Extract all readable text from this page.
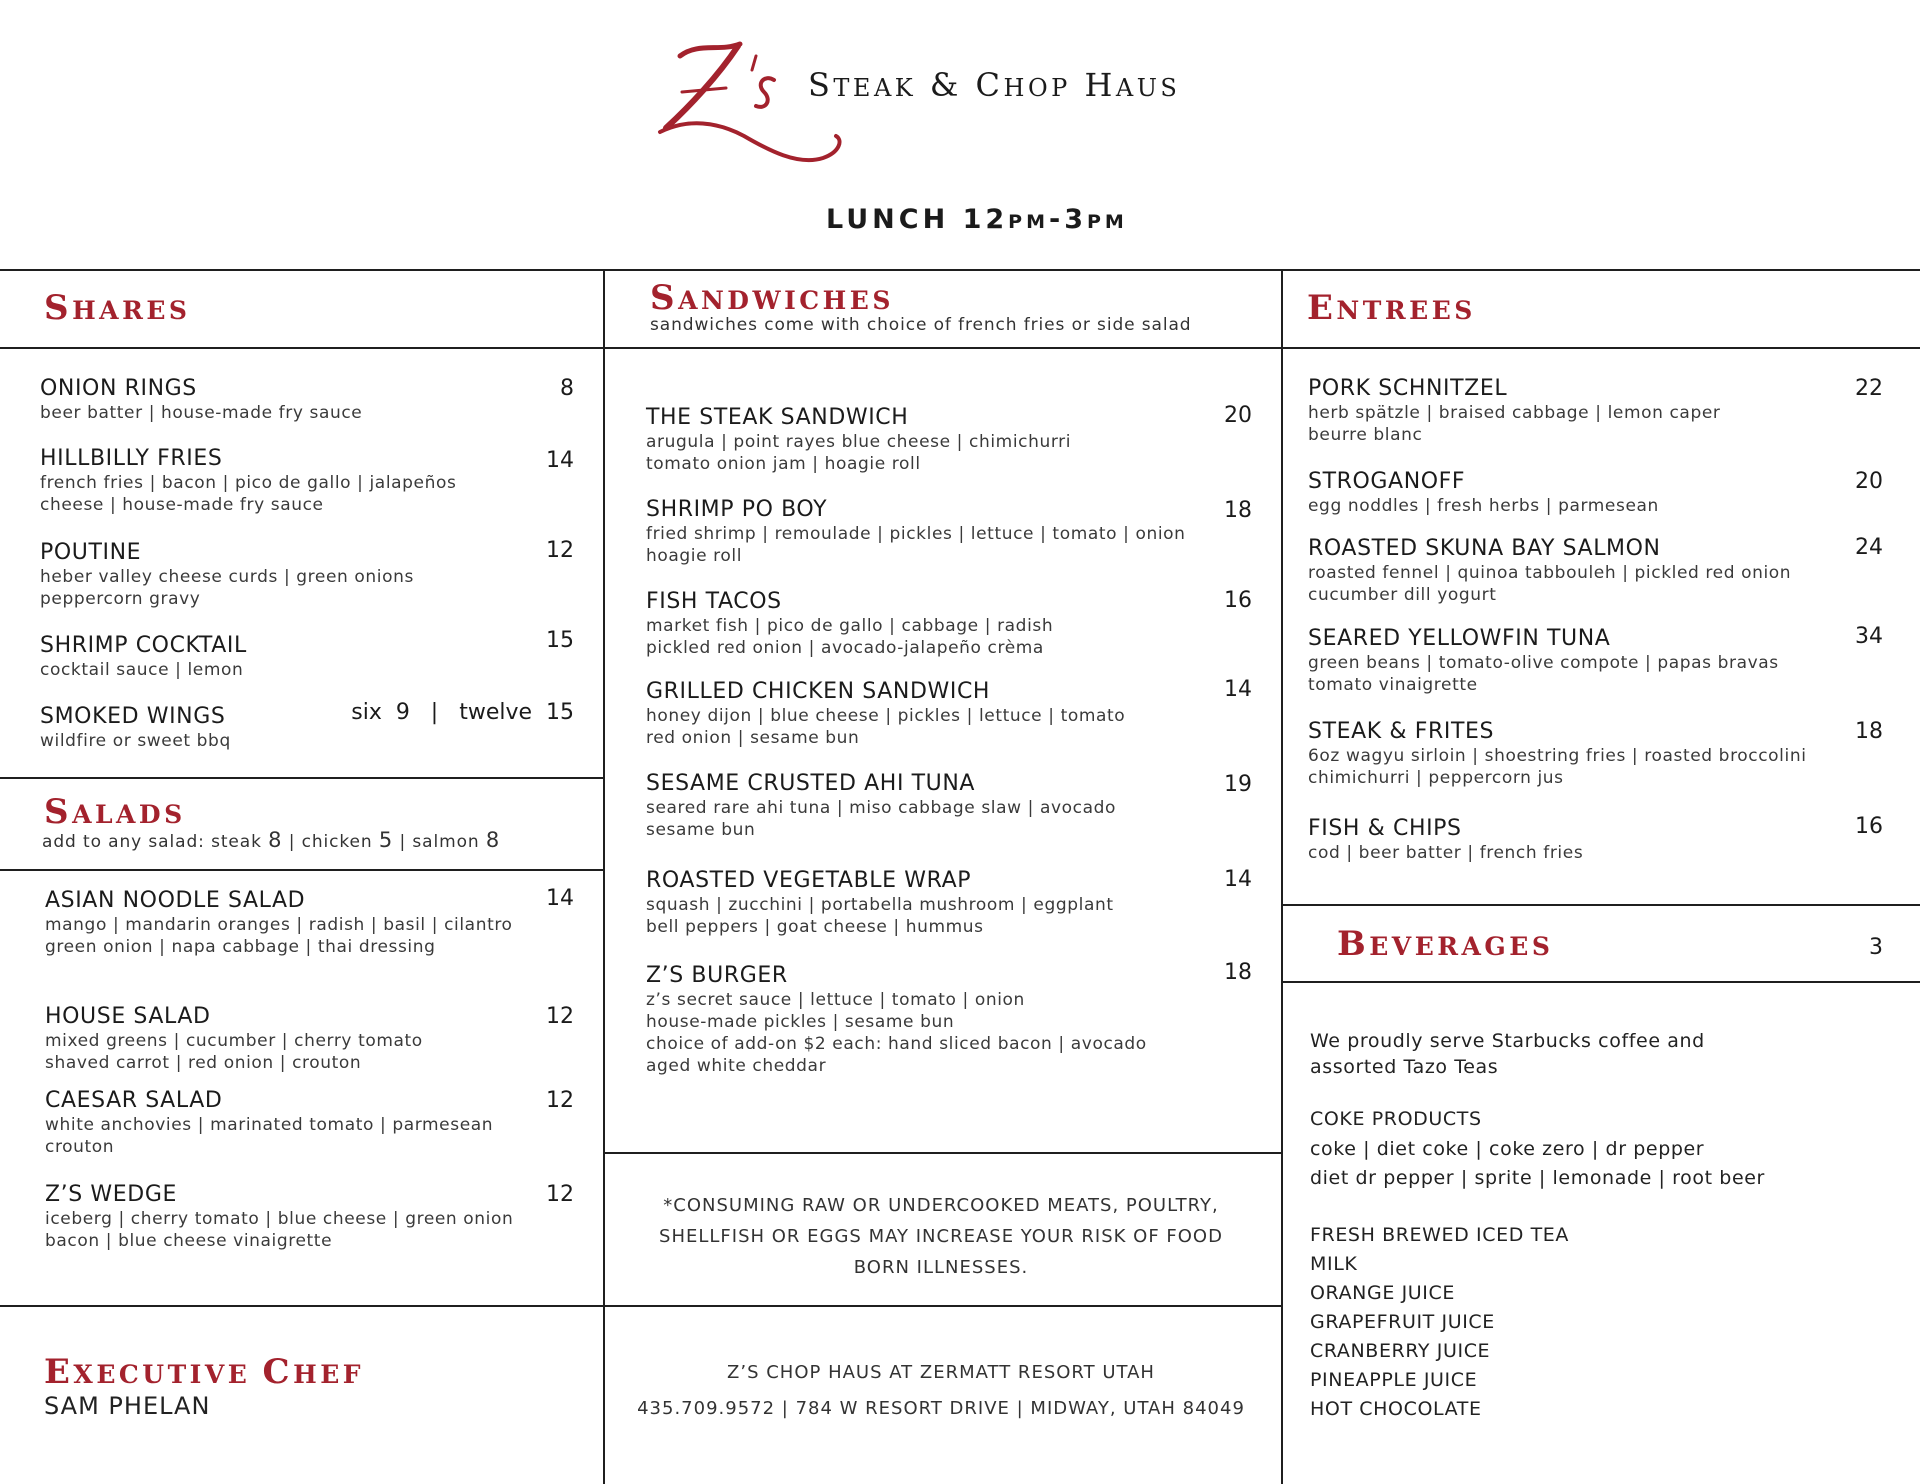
STEAK & CHOP HAUS
LUNCH 12PM-3PM
SHARES
ONION RINGS
beer batter | house-made fry sauce
8
HILLBILLY FRIES
french fries | bacon | pico de gallo | jalapeños
cheese | house-made fry sauce
14
POUTINE
heber valley cheese curds | green onions
peppercorn gravy
12
SHRIMP COCKTAIL
cocktail sauce | lemon
15
SMOKED WINGS
wildfire or sweet bbq
six  9   |   twelve  15
SALADS
add to any salad: steak 8 | chicken 5 | salmon 8
ASIAN NOODLE SALAD
mango | mandarin oranges | radish | basil | cilantro
green onion | napa cabbage | thai dressing
14
HOUSE SALAD
mixed greens | cucumber | cherry tomato
shaved carrot | red onion | crouton
12
CAESAR SALAD
white anchovies | marinated tomato | parmesean
crouton
12
Z’S WEDGE
iceberg | cherry tomato | blue cheese | green onion
bacon | blue cheese vinaigrette
12
SANDWICHES
sandwiches come with choice of french fries or side salad
THE STEAK SANDWICH
arugula | point rayes blue cheese | chimichurri
tomato onion jam | hoagie roll
20
SHRIMP PO BOY
fried shrimp | remoulade | pickles | lettuce | tomato | onion
hoagie roll
18
FISH TACOS
market fish | pico de gallo | cabbage | radish
pickled red onion | avocado-jalapeño crèma
16
GRILLED CHICKEN SANDWICH
honey dijon | blue cheese | pickles | lettuce | tomato
red onion | sesame bun
14
SESAME CRUSTED AHI TUNA
seared rare ahi tuna | miso cabbage slaw | avocado
sesame bun
19
ROASTED VEGETABLE WRAP
squash | zucchini | portabella mushroom | eggplant
bell peppers | goat cheese | hummus
14
Z’S BURGER
z’s secret sauce | lettuce | tomato | onion
house-made pickles | sesame bun
choice of add-on $2 each: hand sliced bacon | avocado
aged white cheddar
18
ENTREES
PORK SCHNITZEL
herb spätzle | braised cabbage | lemon caper
beurre blanc
22
STROGANOFF
egg noddles | fresh herbs | parmesean
20
ROASTED SKUNA BAY SALMON
roasted fennel | quinoa tabbouleh | pickled red onion
cucumber dill yogurt
24
SEARED YELLOWFIN TUNA
green beans | tomato-olive compote | papas bravas
tomato vinaigrette
34
STEAK & FRITES
6oz wagyu sirloin | shoestring fries | roasted broccolini
chimichurri | peppercorn jus
18
FISH & CHIPS
cod | beer batter | french fries
16
BEVERAGES	3
We proudly serve Starbucks coffee and
assorted Tazo Teas
COKE PRODUCTS
coke | diet coke | coke zero | dr pepper
diet dr pepper | sprite | lemonade | root beer
FRESH BREWED ICED TEA
MILK
ORANGE JUICE
GRAPEFRUIT JUICE
CRANBERRY JUICE
PINEAPPLE JUICE
HOT CHOCOLATE
*CONSUMING RAW OR UNDERCOOKED MEATS, POULTRY,
SHELLFISH OR EGGS MAY INCREASE YOUR RISK OF FOOD
BORN ILLNESSES.
Z’S CHOP HAUS AT ZERMATT RESORT UTAH
435.709.9572 | 784 W RESORT DRIVE | MIDWAY, UTAH 84049
EXECUTIVE CHEF
SAM PHELAN
